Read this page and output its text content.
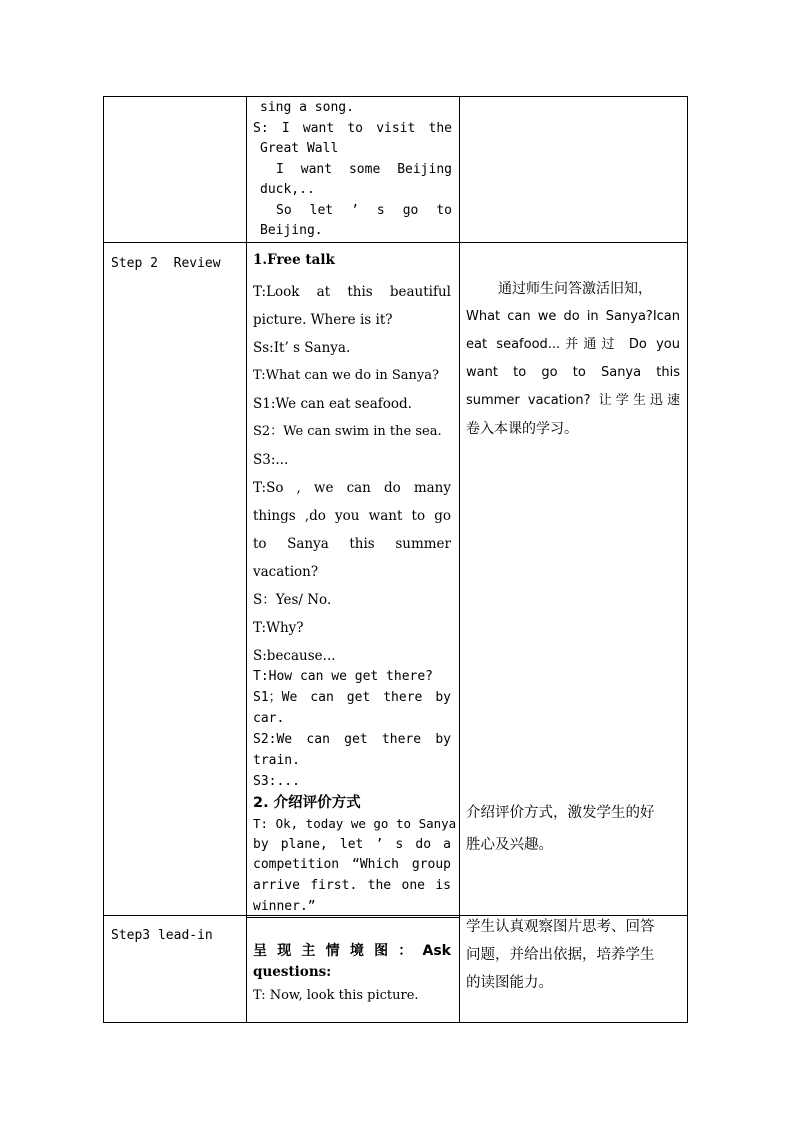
sing a song.
S: I want to visit the
Great Wall
I want some Beijing
duck,..
So let ’ s go to
Beijing.
Step 2  Review 1.Free talk
T:Look at this beautiful
picture. Where is it?
Ss:It’ s Sanya.
T:What can we do in Sanya?
S1:We can eat seafood.
S2：We can swim in the sea.
S3:...
T:So , we can do many
things ,do you want to go
to Sanya this summer
vacation?
S：Yes/ No.
T:Why?
S:because...
T:How can we get there?
S1；We can get there by
car.
S2:We can get there by
train.
S3:...
2. 介绍评价方式
T: Ok, today we go to Sanya
by plane, let ’ s do a
competition “Which group
arrive first. the one is
winner.”
通过师生问答激活旧知，
What can we do in Sanya?Ican
eat seafood...并通过 Do you
want to go to Sanya this
summer vacation? 让学生迅速
卷入本课的学习。
介绍评价方式，激发学生的好
胜心及兴趣。
Step3 lead-in
呈 现 主 情 境 图 ： Ask
questions:
T: Now, look this picture.
学生认真观察图片思考、回答
问题，并给出依据，培养学生
的读图能力。
